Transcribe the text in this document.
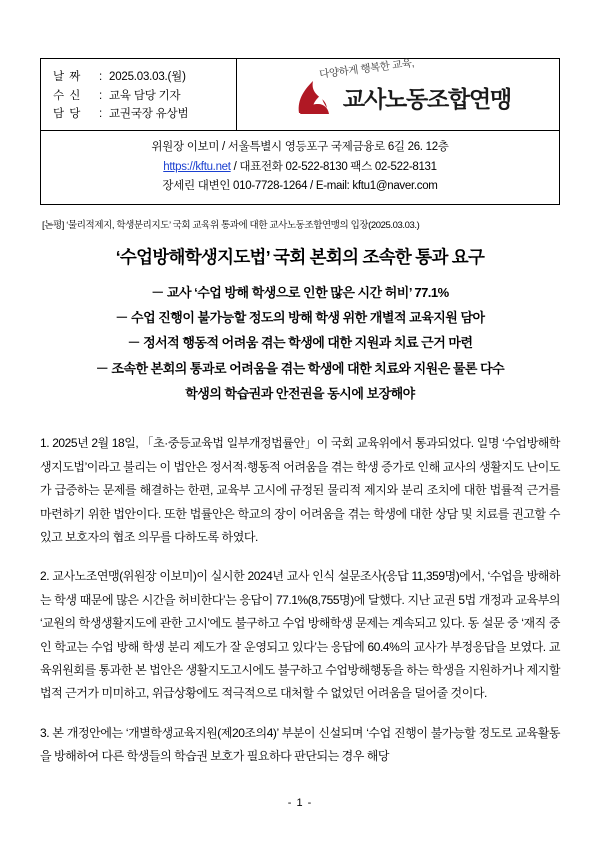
날 짜	: 2025.03.03.(월)
수 신	: 교육 담당 기자
담 당	: 교권국장 유상범
다양하게 행복한 교육,
교사노동조합연맹
위원장 이보미 / 서울특별시 영등포구 국제금융로 6길 26. 12층
https://kftu.net / 대표전화 02-522-8130 팩스 02-522-8131
장세린 대변인 010-7728-1264 / E-mail: kftu1@naver.com
[논평] ‘물리적제지, 학생분리지도’ 국회 교육위 통과에 대한 교사노동조합연맹의 입장(2025.03.03.)
‘수업방해학생지도법’ 국회 본회의 조속한 통과 요구
－ 교사 ‘수업 방해 학생으로 인한 많은 시간 허비’ 77.1%
－ 수업 진행이 불가능할 정도의 방해 학생 위한 개별적 교육지원 담아
－ 정서적 행동적 어려움 겪는 학생에 대한 지원과 치료 근거 마련
－ 조속한 본회의 통과로 어려움을 겪는 학생에 대한 치료와 지원은 물론 다수
학생의 학습권과 안전권을 동시에 보장해야

1. 2025년 2월 18일, 「초·중등교육법 일부개정법률안」이 국회 교육위에서 통과되었다. 일명 ‘수업방해학생지도법’이라고 불리는 이 법안은 정서적·행동적 어려움을 겪는 학생 증가로 인해 교사의 생활지도 난이도가 급증하는 문제를 해결하는 한편, 교육부 고시에 규정된 물리적 제지와 분리 조치에 대한 법률적 근거를 마련하기 위한 법안이다. 또한 법률안은 학교의 장이 어려움을 겪는 학생에 대한 상담 및 치료를 권고할 수 있고 보호자의 협조 의무를 다하도록 하였다.

2. 교사노조연맹(위원장 이보미)이 실시한 2024년 교사 인식 설문조사(응답 11,359명)에서, ‘수업을 방해하는 학생 때문에 많은 시간을 허비한다’는 응답이 77.1%(8,755명)에 달했다. 지난 교권 5법 개정과 교육부의 ‘교원의 학생생활지도에 관한 고시’에도 불구하고 수업 방해학생 문제는 계속되고 있다. 동 설문 중 ‘재직 중인 학교는 수업 방해 학생 분리 제도가 잘 운영되고 있다’는 응답에 60.4%의 교사가 부정응답을 보였다. 교육위원회를 통과한 본 법안은 생활지도고시에도 불구하고 수업방해행동을 하는 학생을 지원하거나 제지할 법적 근거가 미미하고, 위급상황에도 적극적으로 대처할 수 없었던 어려움을 덜어줄 것이다.

3. 본 개정안에는 ‘개별학생교육지원(제20조의4)’ 부분이 신설되며 ‘수업 진행이 불가능할 정도로 교육활동을 방해하여 다른 학생들의 학습권 보호가 필요하다 판단되는 경우 해당

- 1 -
